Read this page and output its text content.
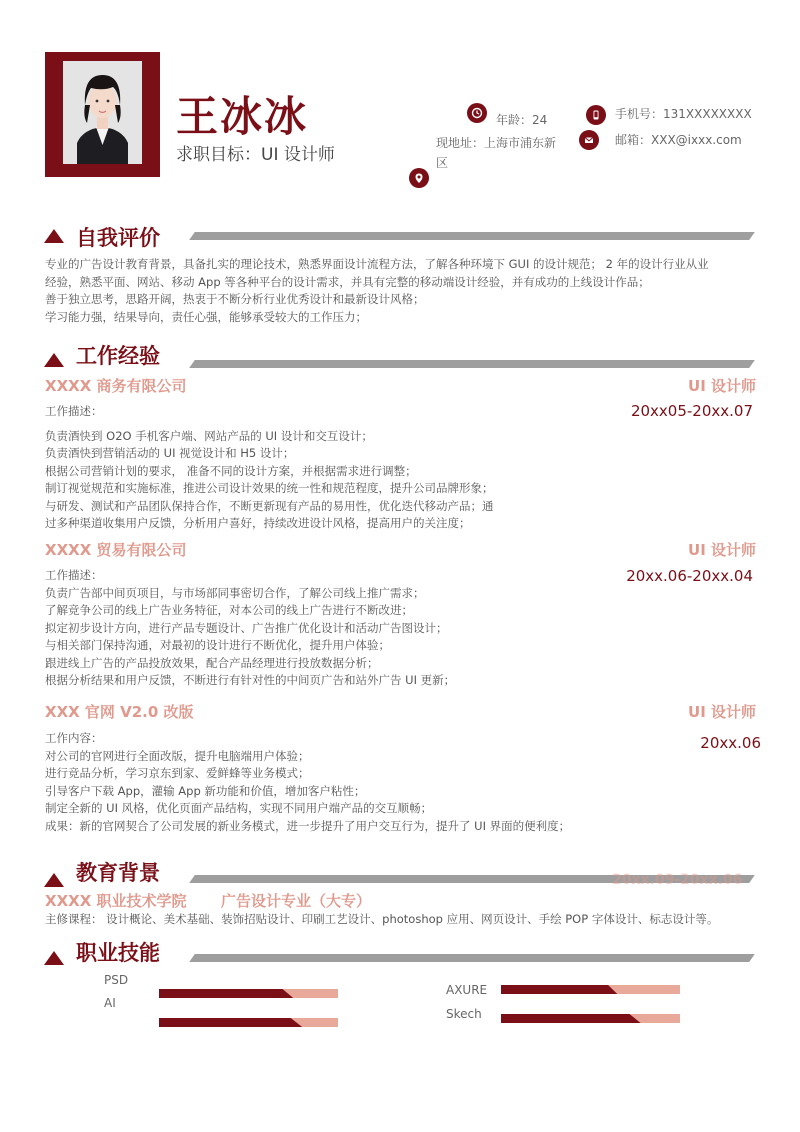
王冰冰
求职目标：UI 设计师
年龄：24
现地址：上海市浦东新区
手机号：131XXXXXXXX
邮箱：XXX@ixxx.com
自我评价
专业的广告设计教育背景，具备扎实的理论技术，熟悉界面设计流程方法，了解各种环境下 GUI 的设计规范； 2 年的设计行业从业
经验，熟悉平面、网站、移动 App 等各种平台的设计需求，并具有完整的移动端设计经验，并有成功的上线设计作品；
善于独立思考，思路开阔，热衷于不断分析行业优秀设计和最新设计风格；
学习能力强，结果导向，责任心强，能够承受较大的工作压力；
工作经验
XXXX 商务有限公司	UI 设计师
20xx05-20xx.07
工作描述：
负责酒快到 O2O 手机客户端、网站产品的 UI 设计和交互设计；
负责酒快到营销活动的 UI 视觉设计和 H5 设计；
根据公司营销计划的要求， 准备不同的设计方案，并根据需求进行调整；
制订视觉规范和实施标准，推进公司设计效果的统一性和规范程度，提升公司品牌形象；
与研发、测试和产品团队保持合作，不断更新现有产品的易用性，优化迭代移动产品；通
过多种渠道收集用户反馈，分析用户喜好，持续改进设计风格，提高用户的关注度；
XXXX 贸易有限公司	UI 设计师
20xx.06-20xx.04
工作描述：
负责广告部中间页项目，与市场部同事密切合作，了解公司线上推广需求；
了解竞争公司的线上广告业务特征，对本公司的线上广告进行不断改进；
拟定初步设计方向，进行产品专题设计、广告推广优化设计和活动广告图设计；
与相关部门保持沟通，对最初的设计进行不断优化，提升用户体验；
跟进线上广告的产品投放效果，配合产品经理进行投放数据分析；
根据分析结果和用户反馈，不断进行有针对性的中间页广告和站外广告 UI 更新；
XXX 官网 V2.0 改版	UI 设计师
20xx.06
工作内容：
对公司的官网进行全面改版，提升电脑端用户体验；
进行竞品分析，学习京东到家、爱鲜蜂等业务模式；
引导客户下载 App，灌输 App 新功能和价值，增加客户粘性；
制定全新的 UI 风格，优化页面产品结构，实现不同用户端产品的交互顺畅；
成果：新的官网契合了公司发展的新业务模式，进一步提升了用户交互行为，提升了 UI 界面的便利度；
教育背景	20xx.09-20xx.06
XXXX 职业技术学院 广告设计专业（大专）
主修课程： 设计概论、美术基础、装饰招贴设计、印刷工艺设计、photoshop 应用、网页设计、手绘 POP 字体设计、标志设计等。
职业技能
PSD
AI
AXURE
Skech
